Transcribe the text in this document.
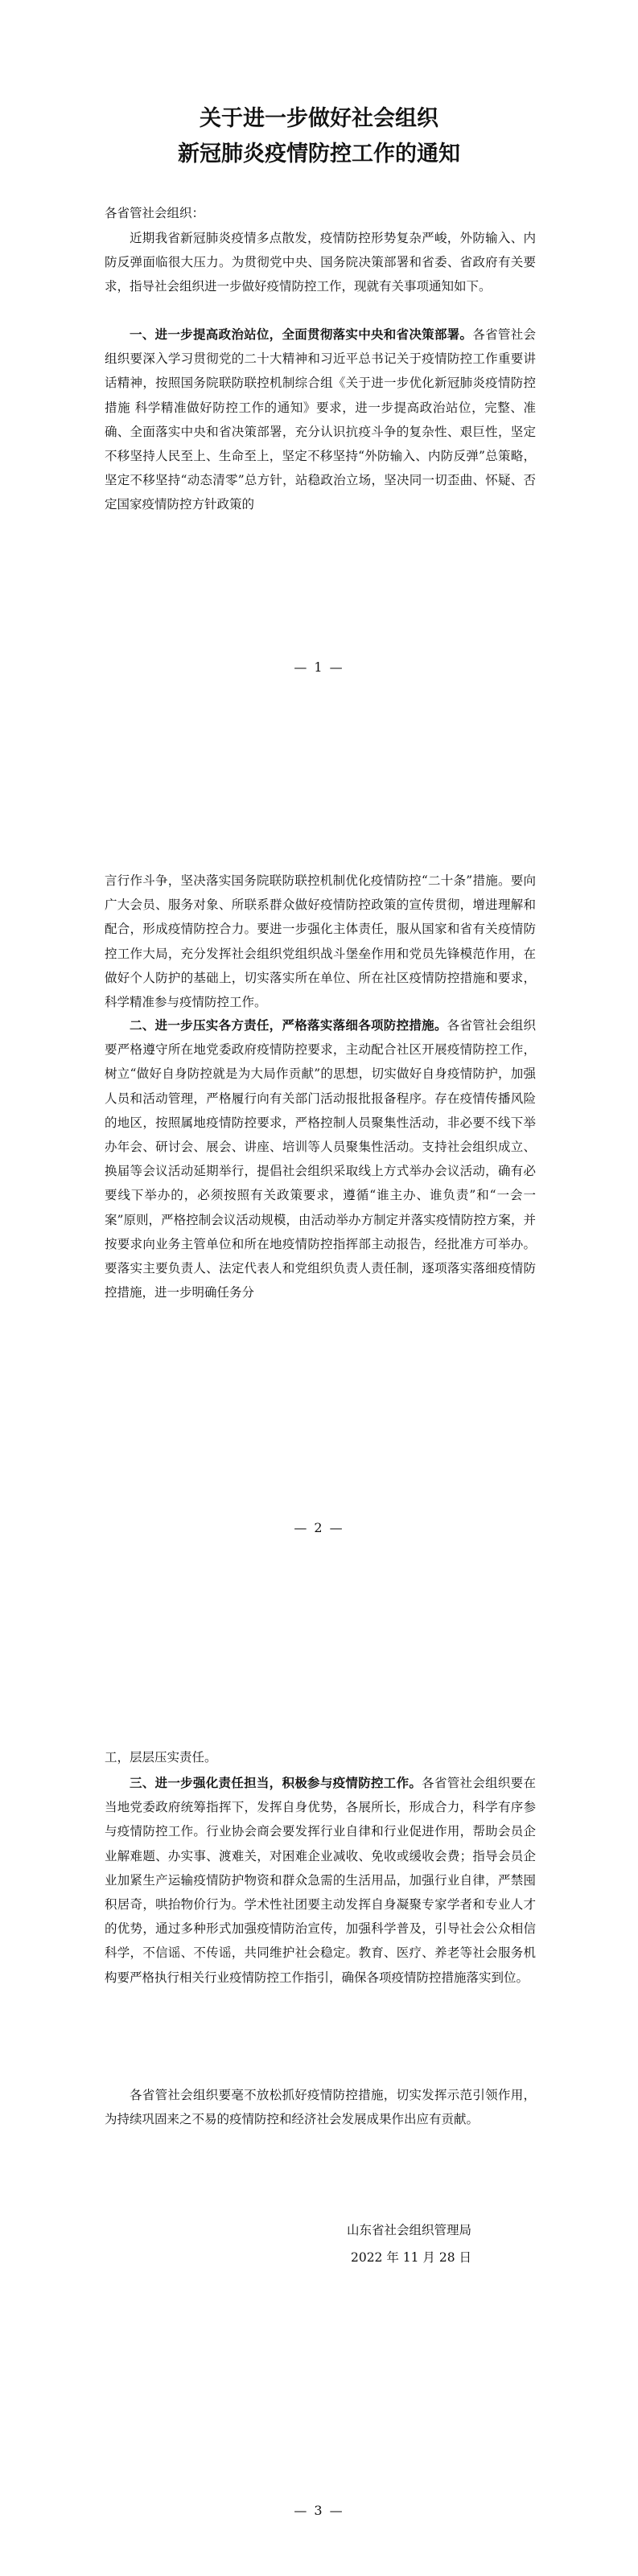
关于进一步做好社会组织
新冠肺炎疫情防控工作的通知

各省管社会组织：

近期我省新冠肺炎疫情多点散发，疫情防控形势复杂严峻，外防输入、内防反弹面临很大压力。为贯彻党中央、国务院决策部署和省委、省政府有关要求，指导社会组织进一步做好疫情防控工作，现就有关事项通知如下。

一、进一步提高政治站位，全面贯彻落实中央和省决策部署。各省管社会组织要深入学习贯彻党的二十大精神和习近平总书记关于疫情防控工作重要讲话精神，按照国务院联防联控机制综合组《关于进一步优化新冠肺炎疫情防控措施 科学精准做好防控工作的通知》要求，进一步提高政治站位，完整、准确、全面落实中央和省决策部署，充分认识抗疫斗争的复杂性、艰巨性，坚定不移坚持人民至上、生命至上，坚定不移坚持“外防输入、内防反弹”总策略，坚定不移坚持“动态清零”总方针，站稳政治立场，坚决同一切歪曲、怀疑、否定国家疫情防控方针政策的

— 1 —

言行作斗争，坚决落实国务院联防联控机制优化疫情防控“二十条”措施。要向广大会员、服务对象、所联系群众做好疫情防控政策的宣传贯彻，增进理解和配合，形成疫情防控合力。要进一步强化主体责任，服从国家和省有关疫情防控工作大局，充分发挥社会组织党组织战斗堡垒作用和党员先锋模范作用，在做好个人防护的基础上，切实落实所在单位、所在社区疫情防控措施和要求，科学精准参与疫情防控工作。

二、进一步压实各方责任，严格落实落细各项防控措施。各省管社会组织要严格遵守所在地党委政府疫情防控要求，主动配合社区开展疫情防控工作，树立“做好自身防控就是为大局作贡献”的思想，切实做好自身疫情防护，加强人员和活动管理，严格履行向有关部门活动报批报备程序。存在疫情传播风险的地区，按照属地疫情防控要求，严格控制人员聚集性活动，非必要不线下举办年会、研讨会、展会、讲座、培训等人员聚集性活动。支持社会组织成立、换届等会议活动延期举行，提倡社会组织采取线上方式举办会议活动，确有必要线下举办的，必须按照有关政策要求，遵循“谁主办、谁负责”和“一会一案”原则，严格控制会议活动规模，由活动举办方制定并落实疫情防控方案，并按要求向业务主管单位和所在地疫情防控指挥部主动报告，经批准方可举办。要落实主要负责人、法定代表人和党组织负责人责任制，逐项落实落细疫情防控措施，进一步明确任务分

— 2 —

工，层层压实责任。

三、进一步强化责任担当，积极参与疫情防控工作。各省管社会组织要在当地党委政府统筹指挥下，发挥自身优势，各展所长，形成合力，科学有序参与疫情防控工作。行业协会商会要发挥行业自律和行业促进作用，帮助会员企业解难题、办实事、渡难关，对困难企业减收、免收或缓收会费；指导会员企业加紧生产运输疫情防护物资和群众急需的生活用品，加强行业自律，严禁囤积居奇，哄抬物价行为。学术性社团要主动发挥自身凝聚专家学者和专业人才的优势，通过多种形式加强疫情防治宣传，加强科学普及，引导社会公众相信科学，不信谣、不传谣，共同维护社会稳定。教育、医疗、养老等社会服务机构要严格执行相关行业疫情防控工作指引，确保各项疫情防控措施落实到位。

各省管社会组织要毫不放松抓好疫情防控措施，切实发挥示范引领作用，为持续巩固来之不易的疫情防控和经济社会发展成果作出应有贡献。

山东省社会组织管理局
2022 年 11 月 28 日
— 3 —
